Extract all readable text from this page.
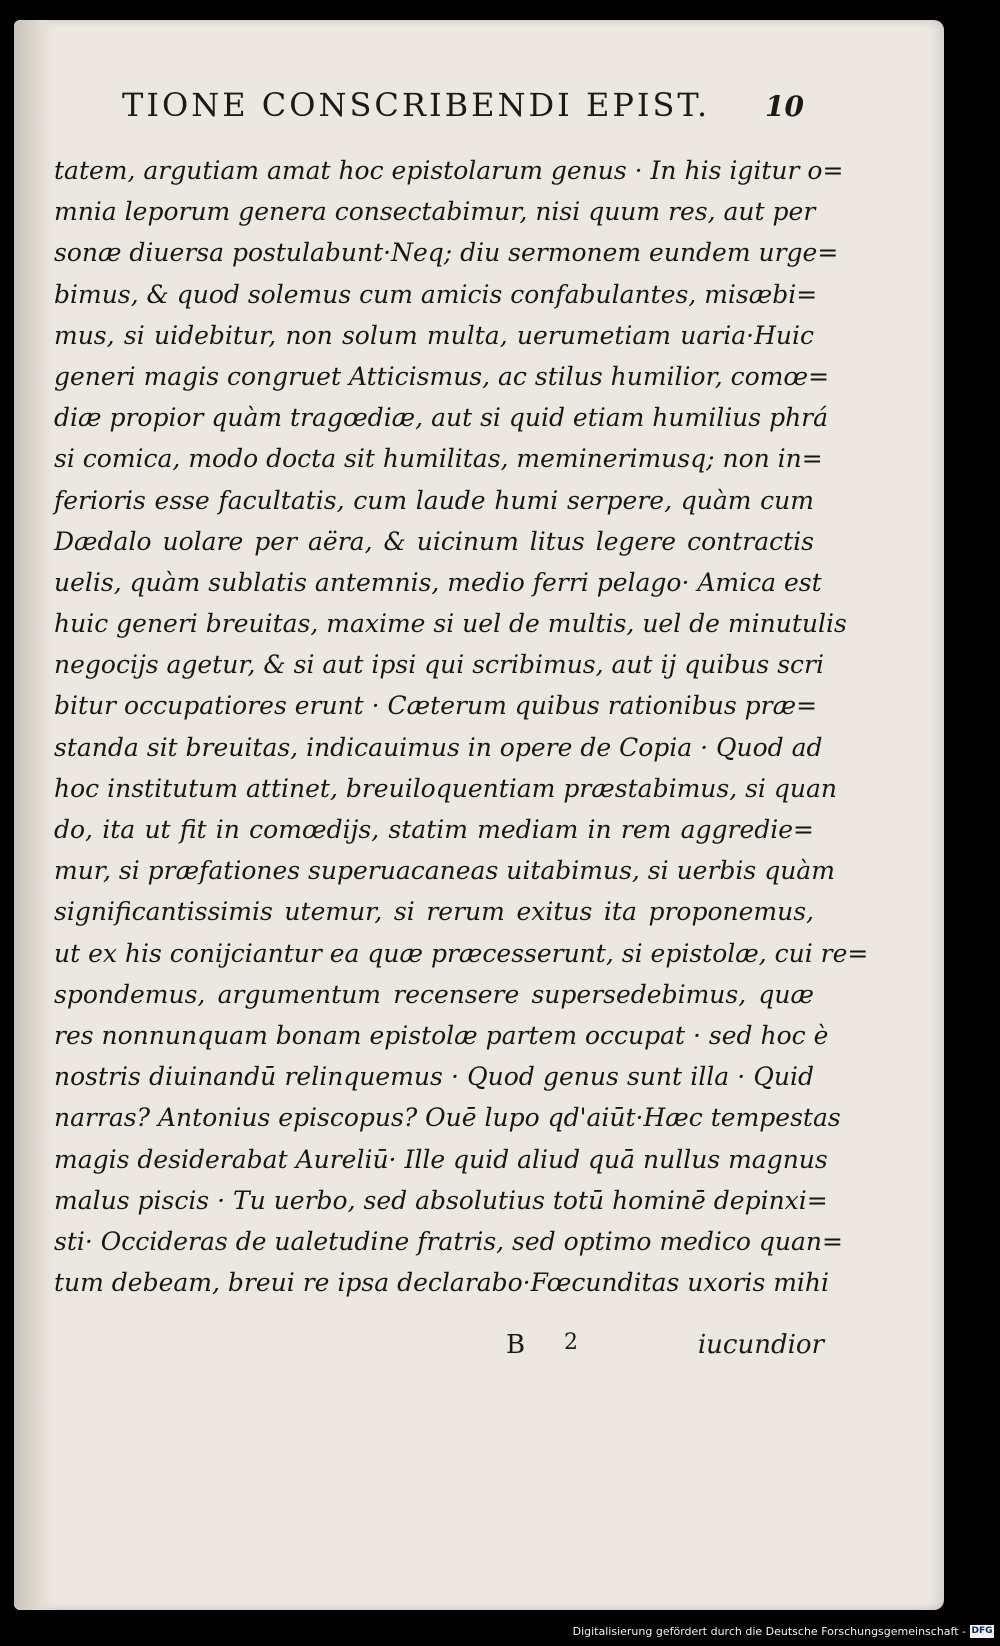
TIONE CONSCRIBENDI EPIST.	10
tatem, argutiam amat hoc epistolarum genus · In his igitur o=
mnia leporum genera consectabimur, nisi quum res, aut per
sonæ diuersa postulabunt·Neq; diu sermonem eundem urge=
bimus, & quod solemus cum amicis confabulantes, misæbi=
mus, si uidebitur, non solum multa, uerumetiam uaria·Huic
generi magis congruet Atticismus, ac stilus humilior, comœ=
diæ propior quàm tragœdiæ, aut si quid etiam humilius phrá
si comica, modo docta sit humilitas, meminerimusq; non in=
ferioris esse facultatis, cum laude humi serpere, quàm cum
Dædalo uolare per aëra, & uicinum litus legere contractis
uelis, quàm sublatis antemnis, medio ferri pelago· Amica est
huic generi breuitas, maxime si uel de multis, uel de minutulis
negocijs agetur, & si aut ipsi qui scribimus, aut ij quibus scri
bitur occupatiores erunt · Cæterum quibus rationibus præ=
standa sit breuitas, indicauimus in opere de Copia · Quod ad
hoc institutum attinet, breuiloquentiam præstabimus, si quan
do, ita ut fit in comœdijs, statim mediam in rem aggredie=
mur, si præfationes superuacaneas uitabimus, si uerbis quàm
significantissimis utemur, si rerum exitus ita proponemus,
ut ex his conijciantur ea quæ præcesserunt, si epistolæ, cui re=
spondemus, argumentum recensere supersedebimus, quæ
res nonnunquam bonam epistolæ partem occupat · sed hoc è
nostris diuinandū relinquemus · Quod genus sunt illa · Quid
narras? Antonius episcopus? Ouē lupo qd'aiūt·Hæc tempestas
magis desiderabat Aureliū· Ille quid aliud quā nullus magnus
malus piscis · Tu uerbo, sed absolutius totū hominē depinxi=
sti· Occideras de ualetudine fratris, sed optimo medico quan=
tum debeam, breui re ipsa declarabo·Fœcunditas uxoris mihi
B 2	iucundior
Digitalisierung gefördert durch die Deutsche Forschungsgemeinschaft - DFG
